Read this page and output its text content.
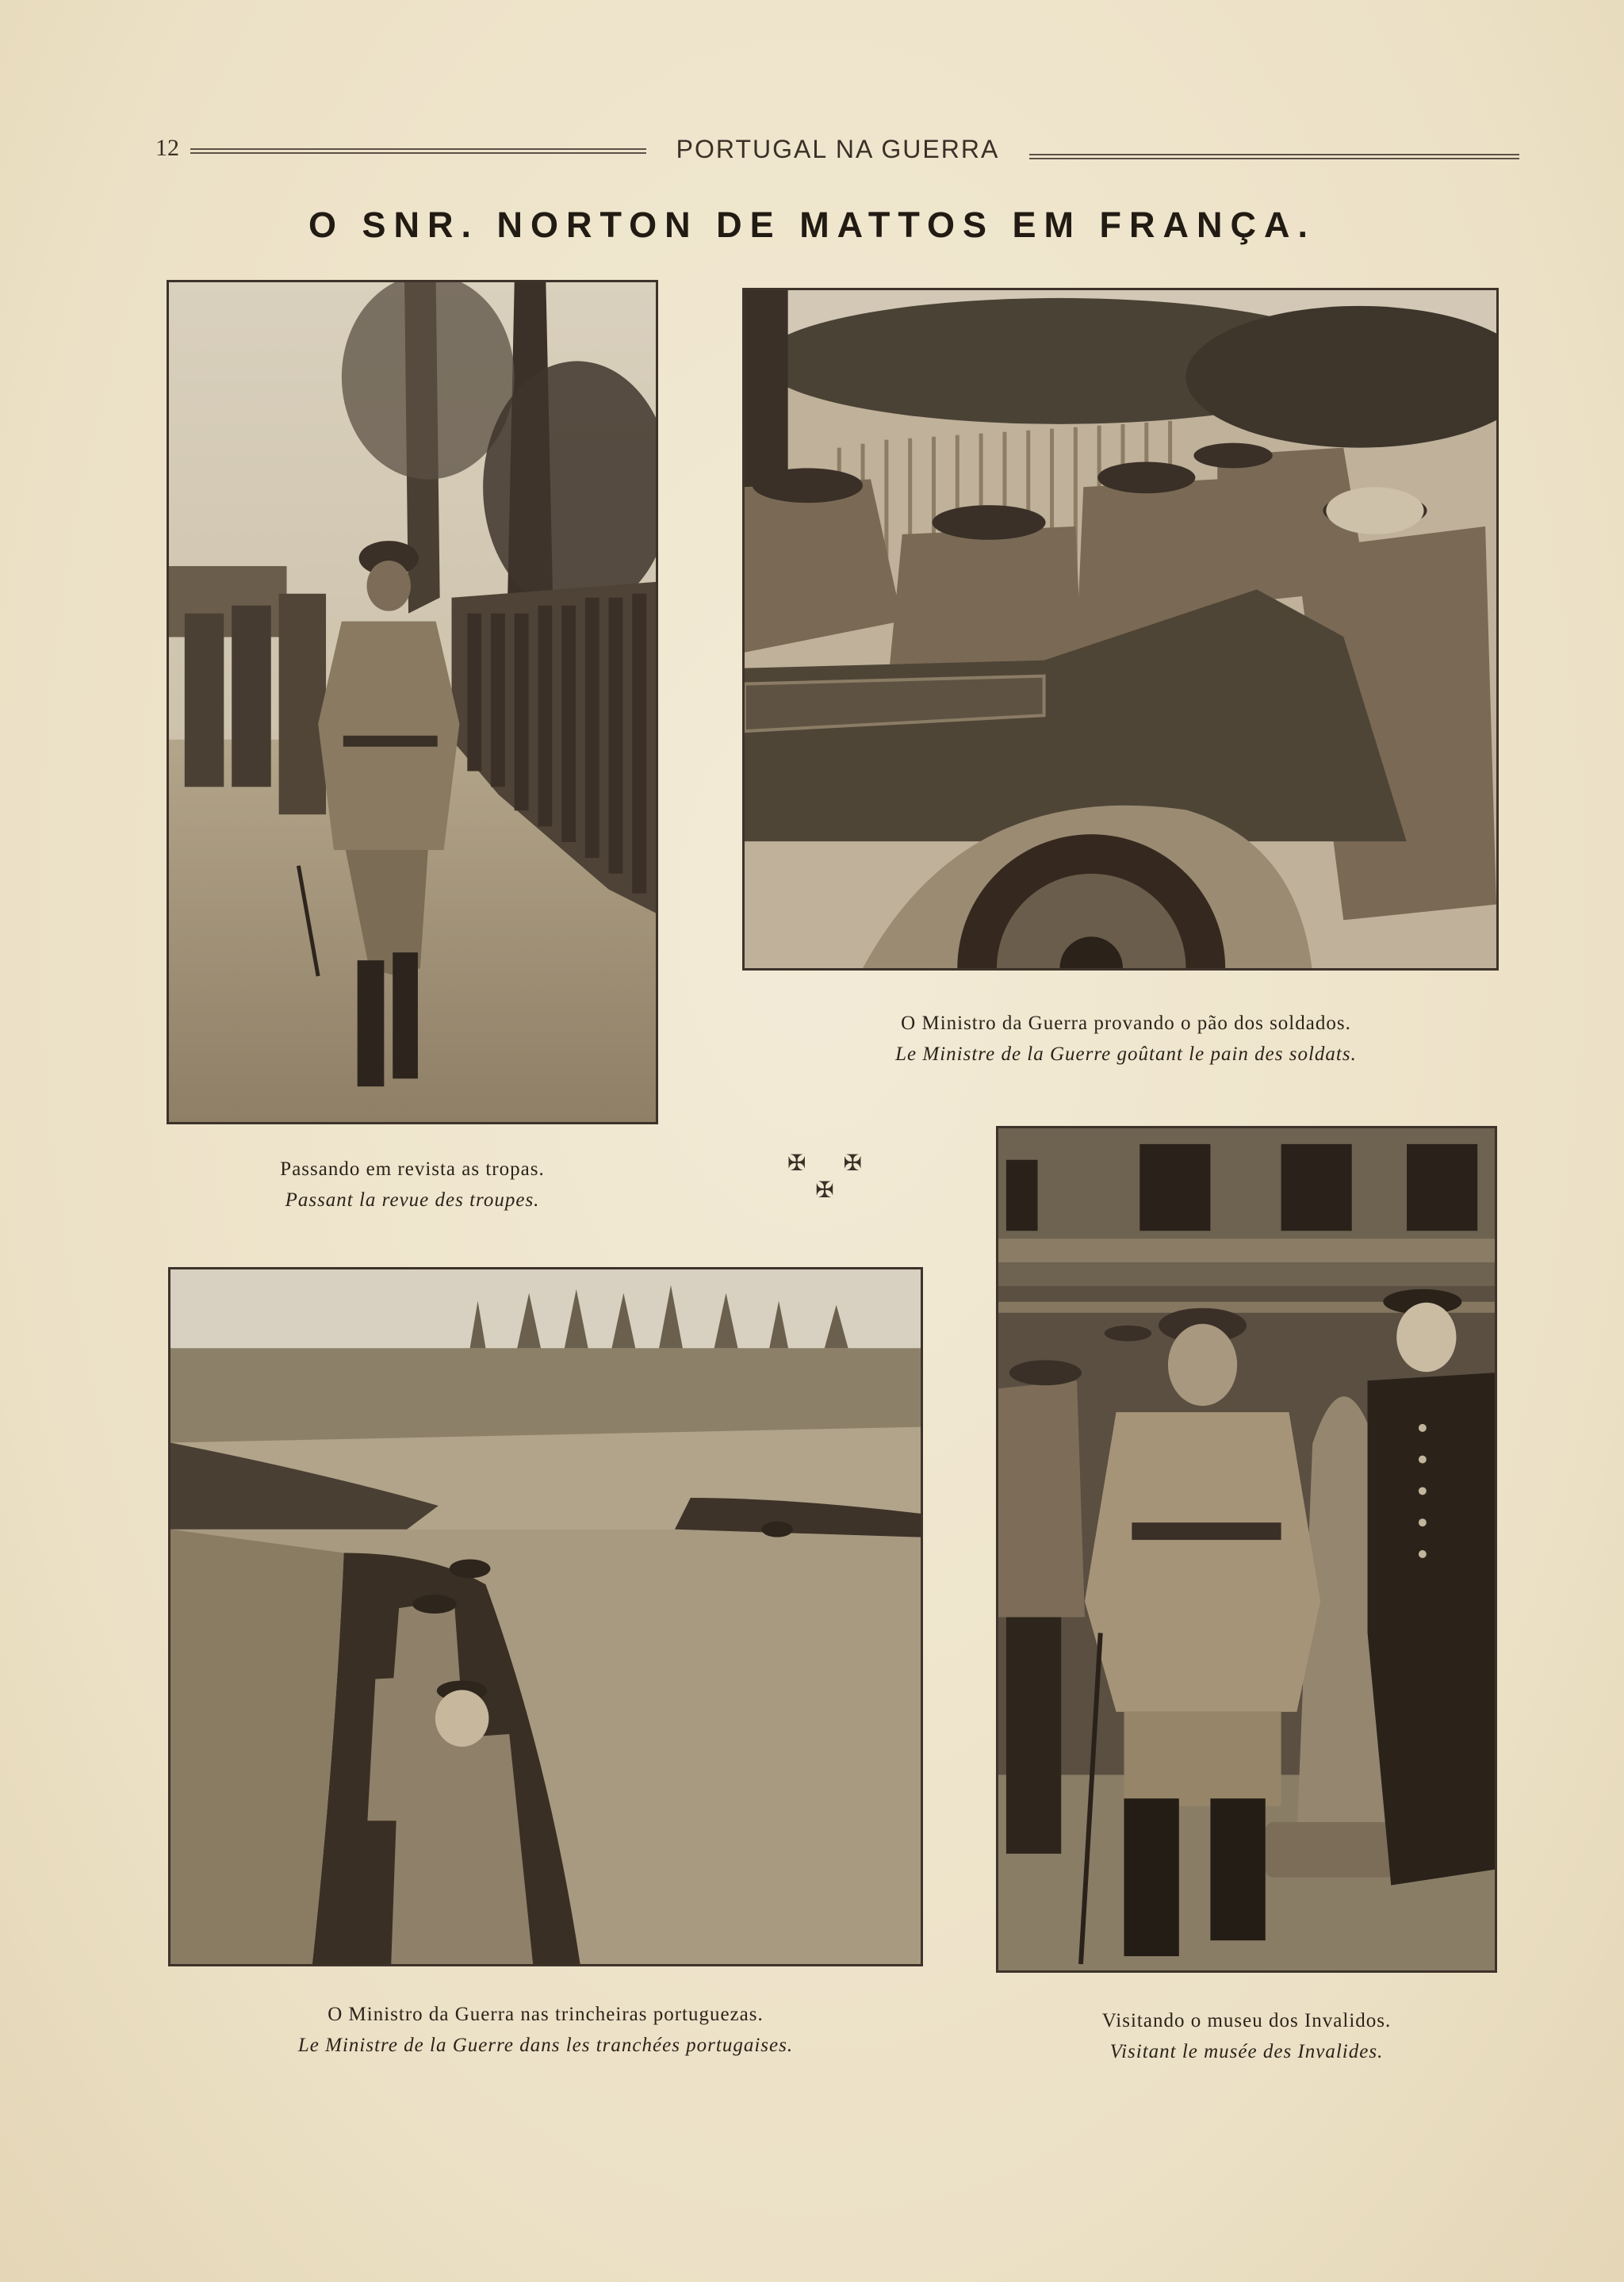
12	PORTUGAL NA GUERRA
O SNR. NORTON DE MATTOS EM FRANÇA.
O Ministro da Guerra provando o pão dos soldados.
Le Ministre de la Guerre goûtant le pain des soldats.
Passando em revista as tropas.
Passant la revue des troupes.
✠ ✠ ✠
O Ministro da Guerra nas trincheiras portuguezas.
Le Ministre de la Guerre dans les tranchées portugaises.
Visitando o museu dos Invalidos.
Visitant le musée des Invalides.
